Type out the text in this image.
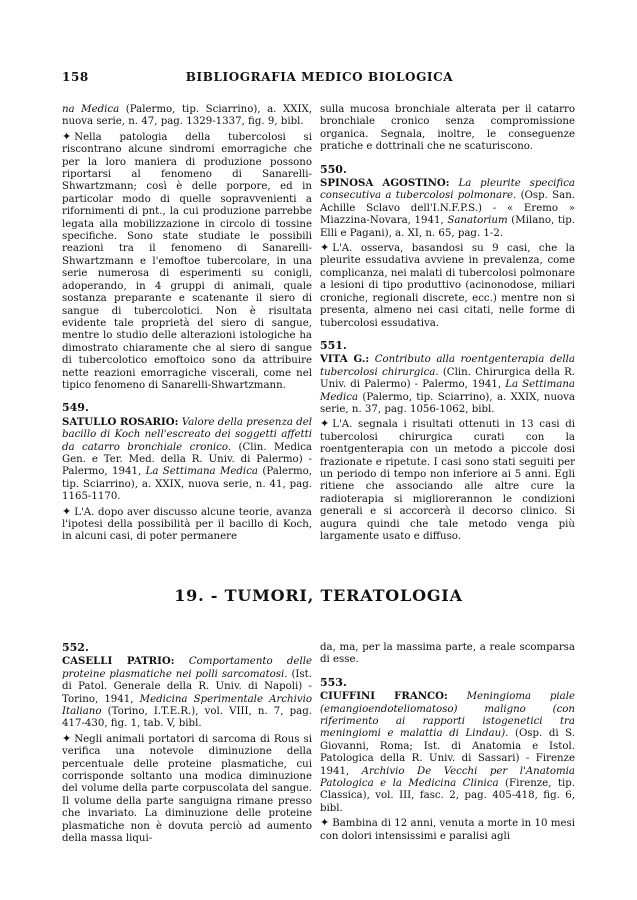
158	BIBLIOGRAFIA MEDICO BIOLOGICA

na Medica (Palermo, tip. Sciarrino), a. XXIX, nuova serie, n. 47, pag. 1329-1337, fig. 9, bibl.

✦ Nella patologia della tubercolosi si riscontrano alcune sindromi emorragiche che per la loro maniera di produzione possono riportarsi al fenomeno di Sanarelli-Shwartzmann; così è delle porpore, ed in particolar modo di quelle sopravvenienti a rifornimenti di pnt., la cui produzione parrebbe legata alla mobilizzazione in circolo di tossine specifiche. Sono state studiate le possibili reazioni tra il fenomeno di Sanarelli-Shwartzmann e l'emoftoe tubercolare, in una serie numerosa di esperimenti su conigli, adoperando, in 4 gruppi di animali, quale sostanza preparante e scatenante il siero di sangue di tubercolotici. Non è risultata evidente tale proprietà del siero di sangue, mentre lo studio delle alterazioni istologiche ha dimostrato chiaramente che al siero di sangue di tubercolotico emoftoico sono da attribuire nette reazioni emorragiche viscerali, come nel tipico fenomeno di Sanarelli-Shwartzmann.

549.

SATULLO ROSARIO: Valore della presenza del bacillo di Koch nell'escreato dei soggetti affetti da catarro bronchiale cronico. (Clin. Medica Gen. e Ter. Med. della R. Univ. di Palermo) - Palermo, 1941, La Settimana Medica (Palermo, tip. Sciarrino), a. XXIX, nuova serie, n. 41, pag. 1165-1170.

✦ L'A. dopo aver discusso alcune teorie, avanza l'ipotesi della possibilità per il bacillo di Koch, in alcuni casi, di poter permanere

sulla mucosa bronchiale alterata per il catarro bronchiale cronico senza compromissione organica. Segnala, inoltre, le conseguenze pratiche e dottrinali che ne scaturiscono.

550.

SPINOSA AGOSTINO: La pleurite specifica consecutiva a tubercolosi polmonare. (Osp. San. Achille Sclavo dell'I.N.F.P.S.) - « Eremo » Miazzina-Novara, 1941, Sanatorium (Milano, tip. Elli e Pagani), a. XI, n. 65, pag. 1-2.

✦ L'A. osserva, basandosi su 9 casi, che la pleurite essudativa avviene in prevalenza, come complicanza, nei malati di tubercolosi polmonare a lesioni di tipo produttivo (acinonodose, miliari croniche, regionali discrete, ecc.) mentre non si presenta, almeno nei casi citati, nelle forme di tubercolosi essudativa.

551.

VITA G.: Contributo alla roentgenterapia della tubercolosi chirurgica. (Clin. Chirurgica della R. Univ. di Palermo) - Palermo, 1941, La Settimana Medica (Palermo, tip. Sciarrino), a. XXIX, nuova serie, n. 37, pag. 1056-1062, bibl.

✦ L'A. segnala i risultati ottenuti in 13 casi di tubercolosi chirurgica curati con la roentgenterapia con un metodo a piccole dosi frazionate e ripetute. I casi sono stati seguiti per un periodo di tempo non inferiore ai 5 anni. Egli ritiene che associando alle altre cure la radioterapia si migliorerannon le condizioni generali e si accorcerà il decorso clinico. Si augura quindi che tale metodo venga più largamente usato e diffuso.

19. - TUMORI, TERATOLOGIA
552.

CASELLI PATRIO: Comportamento delle proteine plasmatiche nei polli sarcomatosi. (Ist. di Patol. Generale della R. Univ. di Napoli) - Torino, 1941, Medicina Sperimentale Archivio Italiano (Torino, I.T.E.R.), vol. VIII, n. 7, pag. 417-430, fig. 1, tab. V, bibl.

✦ Negli animali portatori di sarcoma di Rous si verifica una notevole diminuzione della percentuale delle proteine plasmatiche, cui corrisponde soltanto una modica diminuzione del volume della parte corpuscolata del sangue. Il volume della parte sanguigna rimane presso che invariato. La diminuzione delle proteine plasmatiche non è dovuta perciò ad aumento della massa liqui-

da, ma, per la massima parte, a reale scomparsa di esse.

553.

CIUFFINI FRANCO: Meningioma piale (emangioendoteliomatoso) maligno (con riferimento ai rapporti istogenetici tra meningiomi e malattia di Lindau). (Osp. di S. Giovanni, Roma; Ist. di Anatomia e Istol. Patologica della R. Univ. di Sassari) - Firenze 1941, Archivio De Vecchi per l'Anatomia Patologica e la Medicina Clinica (Firenze, tip. Classica), vol. III, fasc. 2, pag. 405-418, fig. 6, bibl.

✦ Bambina di 12 anni, venuta a morte in 10 mesi con dolori intensissimi e paralisi agli
